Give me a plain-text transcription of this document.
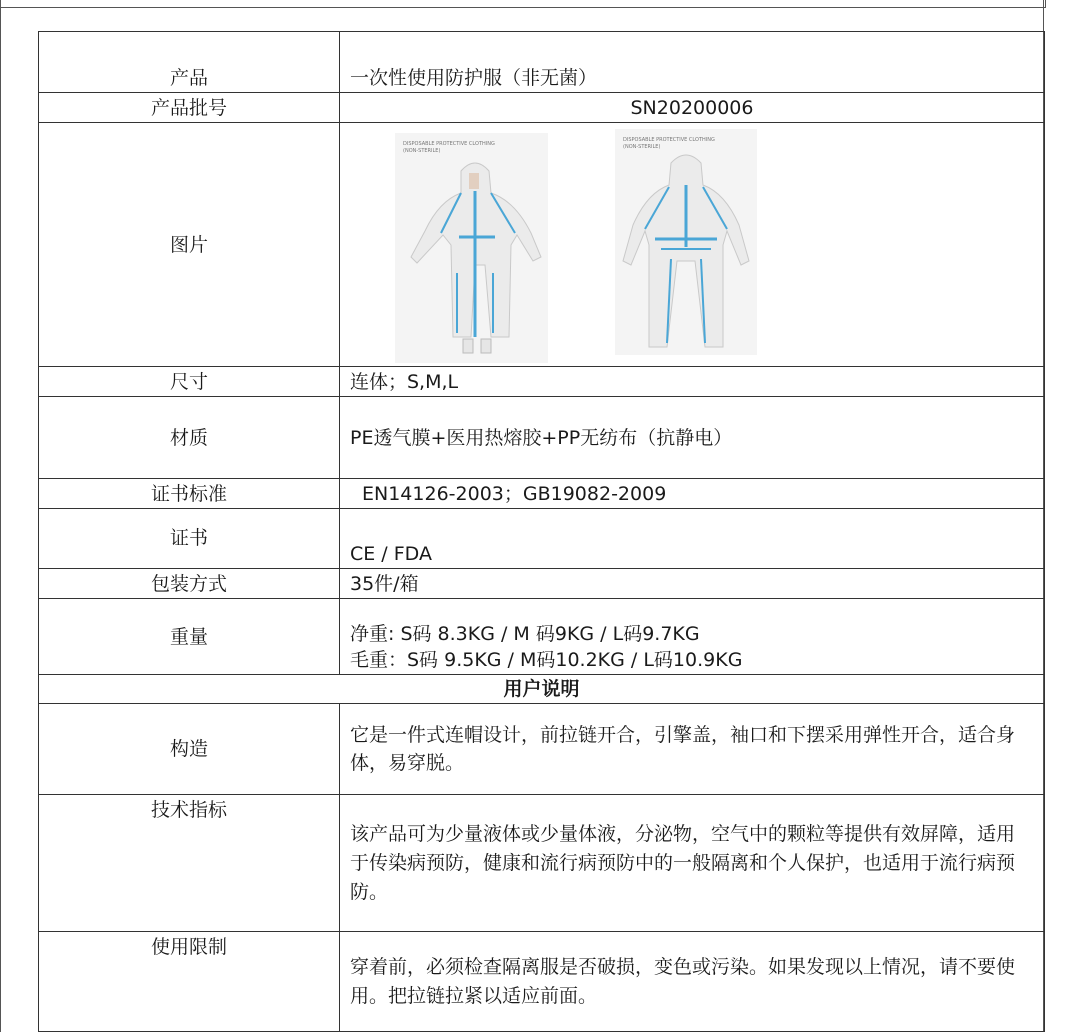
产品	一次性使用防护服（非无菌）
产品批号	SN20200006
图片	DISPOSABLE PROTECTIVE CLOTHING
(NON-STERILE)
DISPOSABLE PROTECTIVE CLOTHING
(NON-STERILE)

尺寸	连体；S,M,L
材质	PE透气膜+医用热熔胶+PP无纺布（抗静电）
证书标准	EN14126-2003；GB19082-2009
证书	CE / FDA
包装方式	35件/箱
重量	净重: S码 8.3KG / M 码9KG / L码9.7KG
毛重：S码 9.5KG / M码10.2KG / L码10.9KG

用户说明	
构造	它是一件式连帽设计，前拉链开合，引擎盖，袖口和下摆采用弹性开合，适合身体，易穿脱。
技术指标	该产品可为少量液体或少量体液，分泌物，空气中的颗粒等提供有效屏障，适用于传染病预防，健康和流行病预防中的一般隔离和个人保护，也适用于流行病预防。
使用限制	穿着前，必须检查隔离服是否破损，变色或污染。如果发现以上情况，请不要使用。把拉链拉紧以适应前面。
